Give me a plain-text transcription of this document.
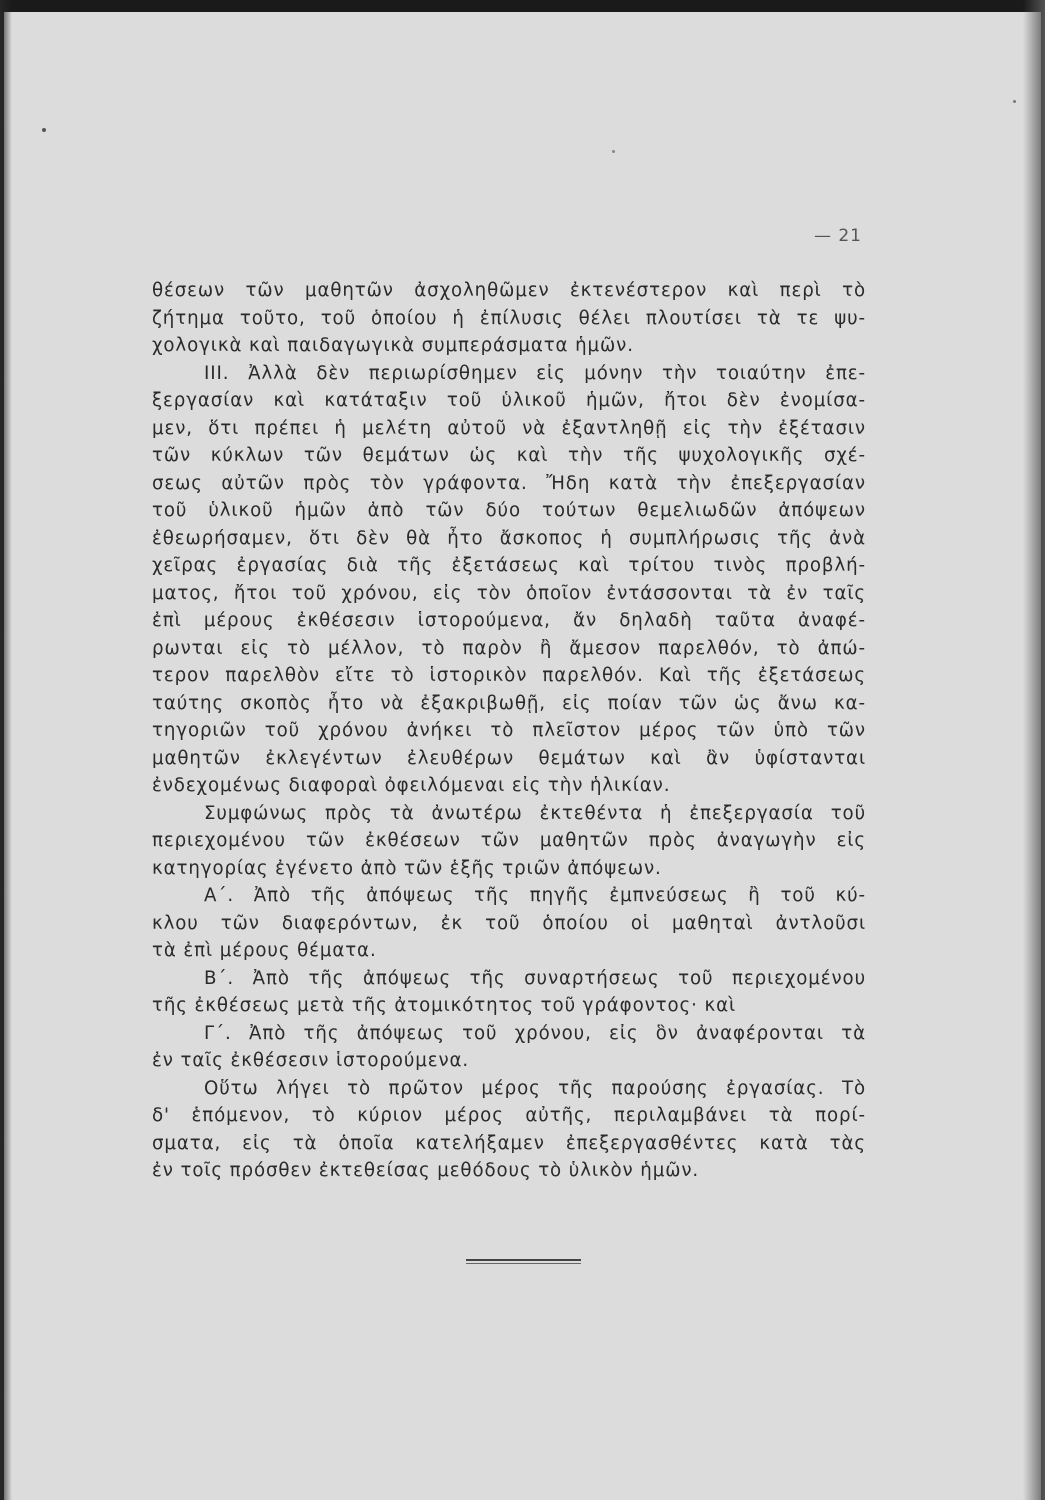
— 21
θέσεων τῶν μαθητῶν ἀσχοληθῶμεν ἐκτενέστερον καὶ περὶ τὸ
ζήτημα τοῦτο, τοῦ ὁποίου ἡ ἐπίλυσις θέλει πλουτίσει τὰ τε ψυ-
χολογικὰ καὶ παιδαγωγικὰ συμπεράσματα ἡμῶν.
III. Ἀλλὰ δὲν περιωρίσθημεν εἰς μόνην τὴν τοιαύτην ἐπε-
ξεργασίαν καὶ κατάταξιν τοῦ ὑλικοῦ ἡμῶν, ἤτοι δὲν ἐνομίσα-
μεν, ὅτι πρέπει ἡ μελέτη αὐτοῦ νὰ ἐξαντληθῇ εἰς τὴν ἐξέτασιν
τῶν κύκλων τῶν θεμάτων ὡς καὶ τὴν τῆς ψυχολογικῆς σχέ-
σεως αὐτῶν πρὸς τὸν γράφοντα. Ἤδη κατὰ τὴν ἐπεξεργασίαν
τοῦ ὑλικοῦ ἡμῶν ἀπὸ τῶν δύο τούτων θεμελιωδῶν ἀπόψεων
ἐθεωρήσαμεν, ὅτι δὲν θὰ ἦτο ἄσκοπος ἡ συμπλήρωσις τῆς ἀνὰ
χεῖρας ἐργασίας διὰ τῆς ἐξετάσεως καὶ τρίτου τινὸς προβλή-
ματος, ἤτοι τοῦ χρόνου, εἰς τὸν ὁποῖον ἐντάσσονται τὰ ἐν ταῖς
ἐπὶ μέρους ἐκθέσεσιν ἱστορούμενα, ἄν δηλαδὴ ταῦτα ἀναφέ-
ρωνται εἰς τὸ μέλλον, τὸ παρὸν ἢ ἄμεσον παρελθόν, τὸ ἀπώ-
τερον παρελθὸν εἴτε τὸ ἱστορικὸν παρελθόν. Καὶ τῆς ἐξετάσεως
ταύτης σκοπὸς ἦτο νὰ ἐξακριβωθῇ, εἰς ποίαν τῶν ὡς ἄνω κα-
τηγοριῶν τοῦ χρόνου ἀνήκει τὸ πλεῖστον μέρος τῶν ὑπὸ τῶν
μαθητῶν ἐκλεγέντων ἐλευθέρων θεμάτων καὶ ἂν ὑφίστανται
ἐνδεχομένως διαφοραὶ ὀφειλόμεναι εἰς τὴν ἡλικίαν.
Συμφώνως πρὸς τὰ ἀνωτέρω ἐκτεθέντα ἡ ἐπεξεργασία τοῦ
περιεχομένου τῶν ἐκθέσεων τῶν μαθητῶν πρὸς ἀναγωγὴν εἰς
κατηγορίας ἐγένετο ἀπὸ τῶν ἑξῆς τριῶν ἀπόψεων.
Α΄. Ἀπὸ τῆς ἀπόψεως τῆς πηγῆς ἐμπνεύσεως ἢ τοῦ κύ-
κλου τῶν διαφερόντων, ἐκ τοῦ ὁποίου οἱ μαθηταὶ ἀντλοῦσι
τὰ ἐπὶ μέρους θέματα.
Β΄. Ἀπὸ τῆς ἀπόψεως τῆς συναρτήσεως τοῦ περιεχομένου
τῆς ἐκθέσεως μετὰ τῆς ἀτομικότητος τοῦ γράφοντος· καὶ
Γ΄. Ἀπὸ τῆς ἀπόψεως τοῦ χρόνου, εἰς ὃν ἀναφέρονται τὰ
ἐν ταῖς ἐκθέσεσιν ἱστορούμενα.
Οὕτω λήγει τὸ πρῶτον μέρος τῆς παρούσης ἐργασίας. Τὸ
δ' ἑπόμενον, τὸ κύριον μέρος αὐτῆς, περιλαμβάνει τὰ πορί-
σματα, εἰς τὰ ὁποῖα κατελήξαμεν ἐπεξεργασθέντες κατὰ τὰς
ἐν τοῖς πρόσθεν ἐκτεθείσας μεθόδους τὸ ὑλικὸν ἡμῶν.
